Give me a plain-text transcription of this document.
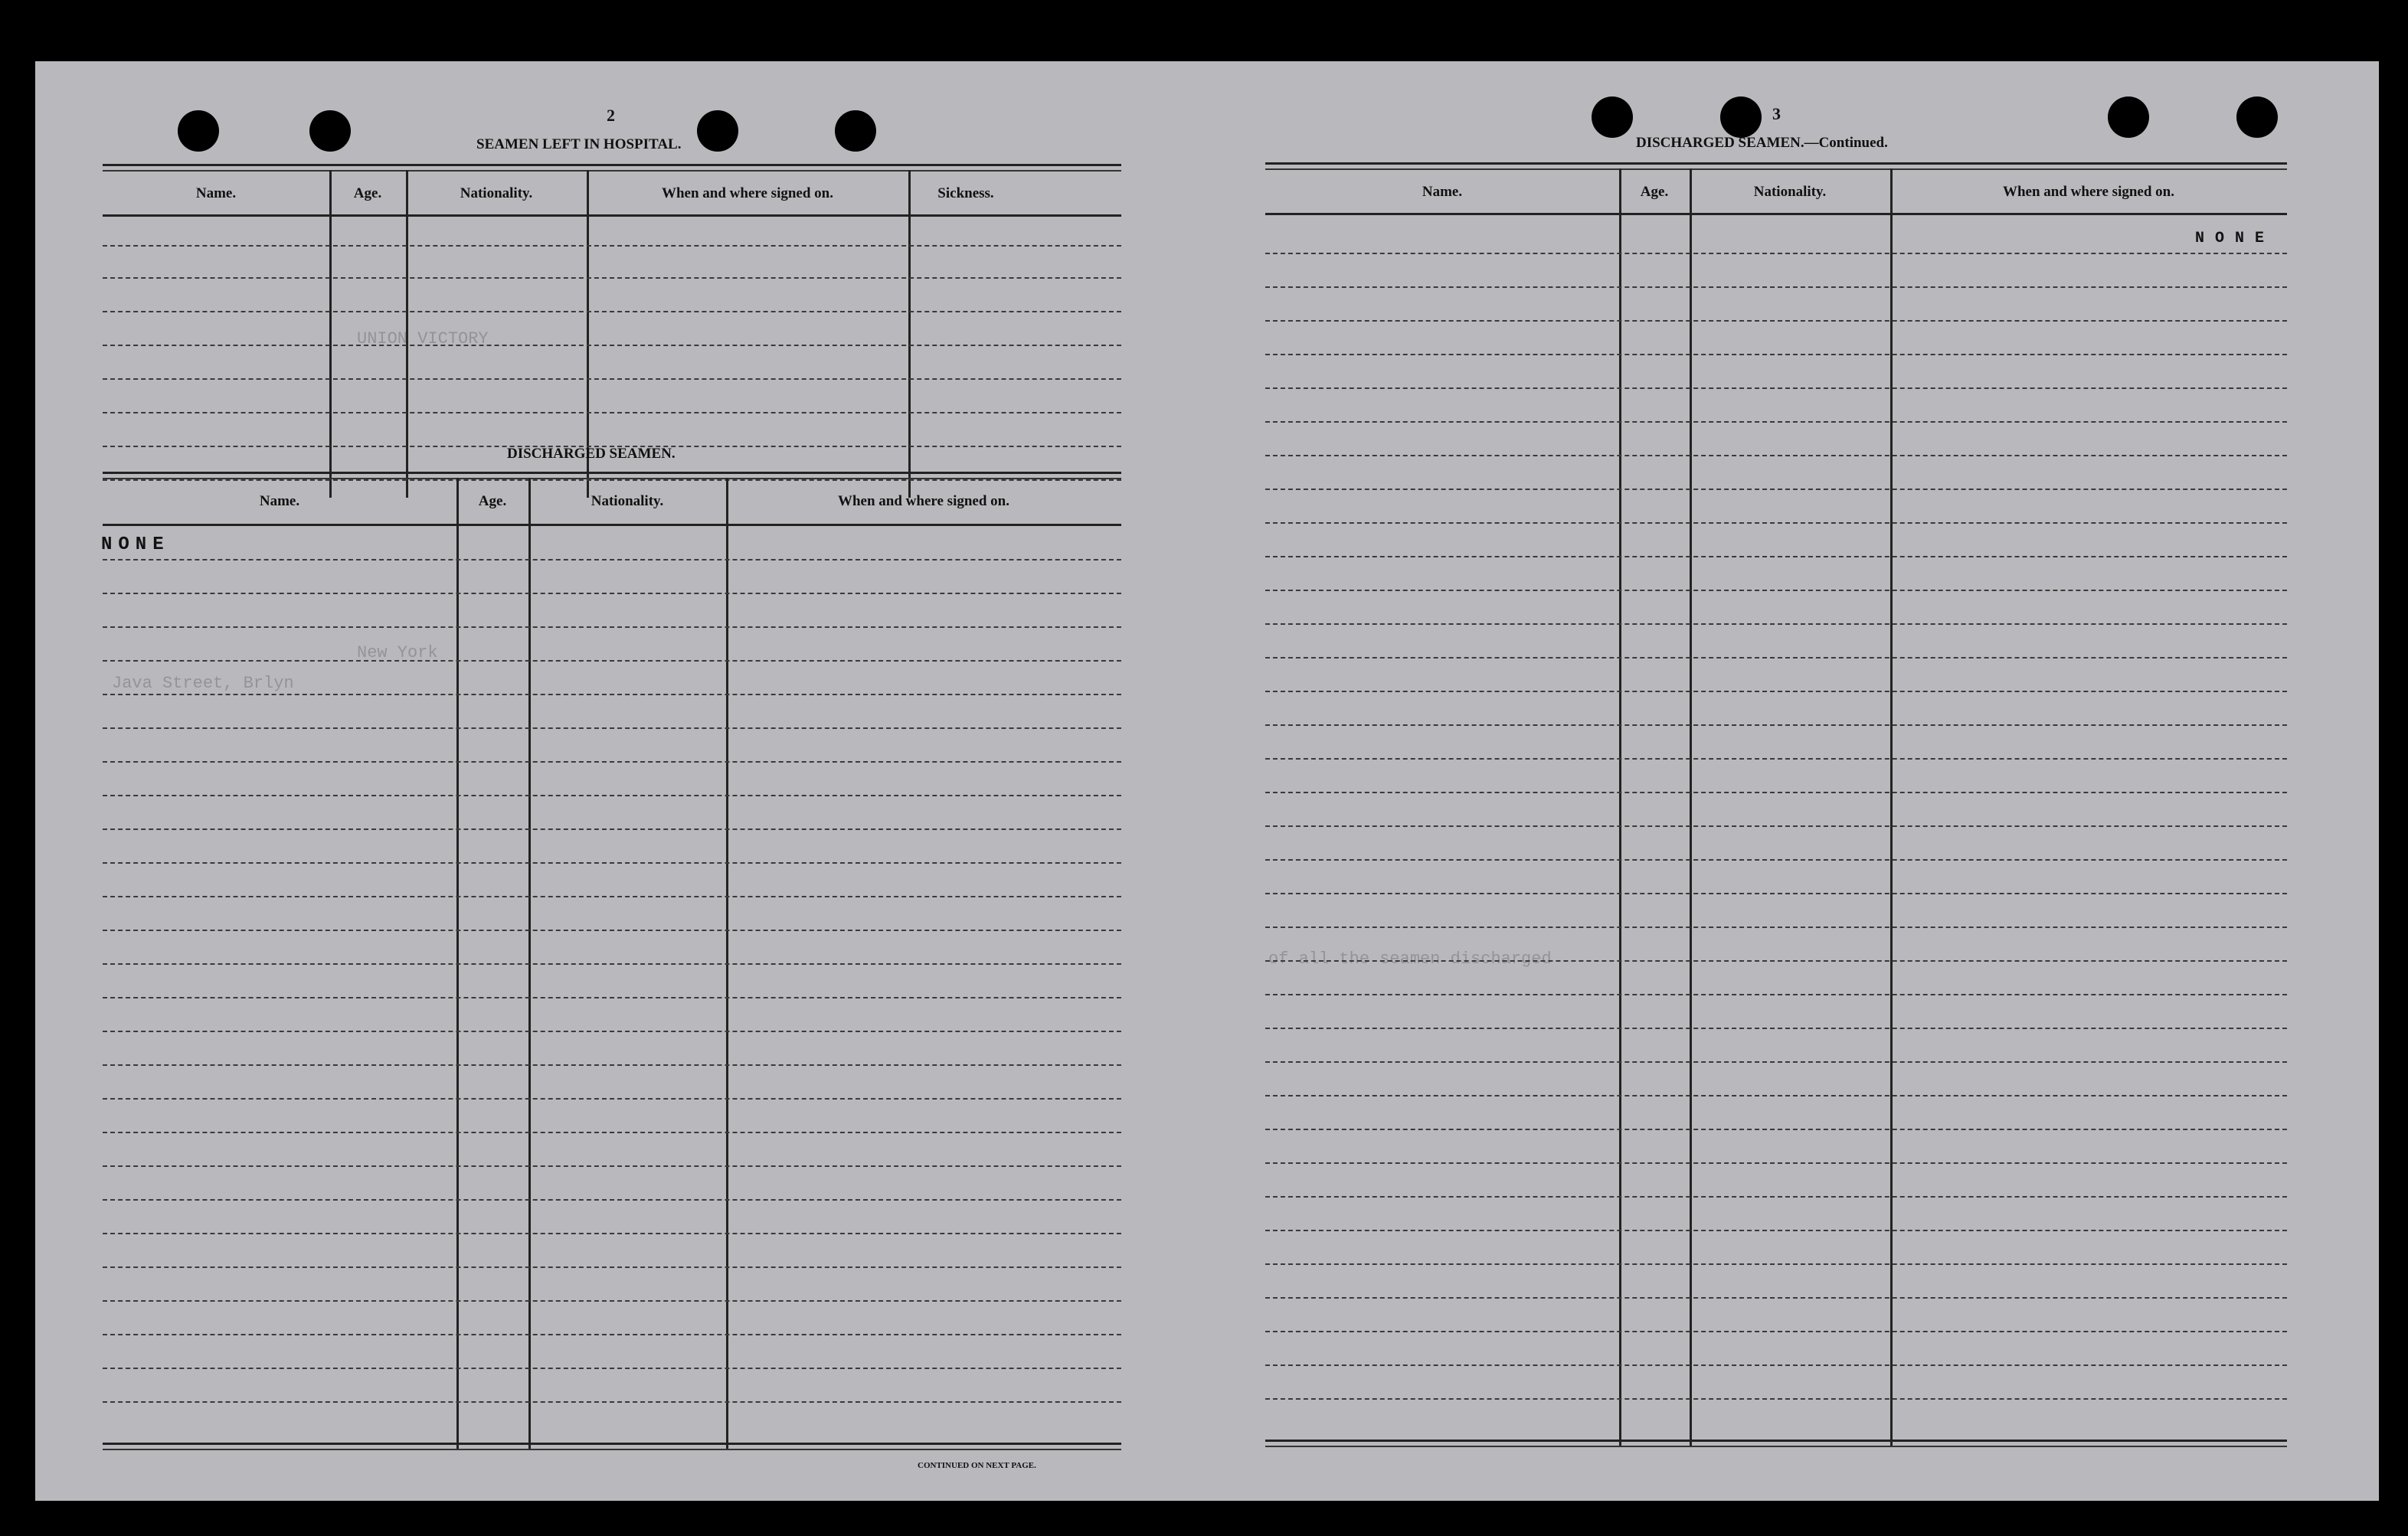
UNION VICTORY
New York
Java Street, Brlyn
2
SEAMEN LEFT IN HOSPITAL.
Name.	Age.	Nationality.	When and where signed on.	Sickness.
DISCHARGED SEAMEN.
Name.	Age.	Nationality.	When and where signed on.
NONE
CONTINUED ON NEXT PAGE.
of all the seamen discharged
3
DISCHARGED SEAMEN.—Continued.
Name.	Age.	Nationality.	When and where signed on.
NONE
